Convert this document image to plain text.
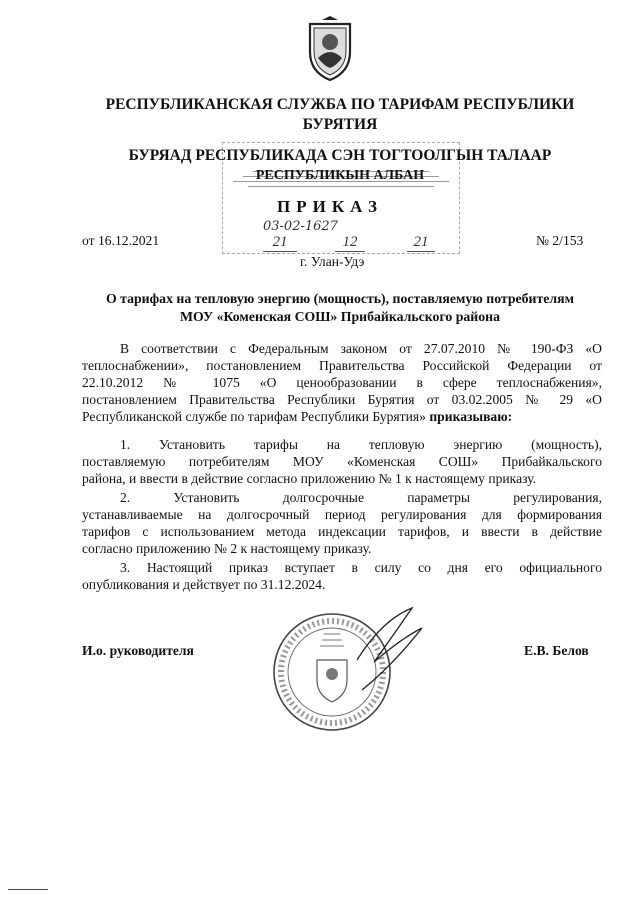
РЕСПУБЛИКАНСКАЯ СЛУЖБА ПО ТАРИФАМ РЕСПУБЛИКИ
БУРЯТИЯ
03-02-1627
21	12	21
БУРЯАД РЕСПУБЛИКАДА СЭН ТОГТООЛГЫН ТАЛААР
РЕСПУБЛИКЫН АЛБАН
ПРИКАЗ
от 16.12.2021	№ 2/153
г. Улан-Удэ
О тарифах на тепловую энергию (мощность), поставляемую потребителям
МОУ «Коменская СОШ» Прибайкальского района
В соответствии с Федеральным законом от 27.07.2010 № 190-ФЗ «О
теплоснабжении», постановлением Правительства Российской Федерации от
22.10.2012 № 1075 «О ценообразовании в сфере теплоснабжения»,
постановлением Правительства Республики Бурятия от 03.02.2005 № 29 «О
Республиканской службе по тарифам Республики Бурятия» приказываю:
1. Установить тарифы на тепловую энергию (мощность),
поставляемую потребителям МОУ «Коменская СОШ» Прибайкальского
района, и ввести в действие согласно приложению № 1 к настоящему приказу.
2. Установить долгосрочные параметры регулирования,
устанавливаемые на долгосрочный период регулирования для формирования
тарифов с использованием метода индексации тарифов, и ввести в действие
согласно приложению № 2 к настоящему приказу.
3. Настоящий приказ вступает в силу со дня его официального
опубликования и действует по 31.12.2024.
И.о. руководителя	Е.В. Белов
